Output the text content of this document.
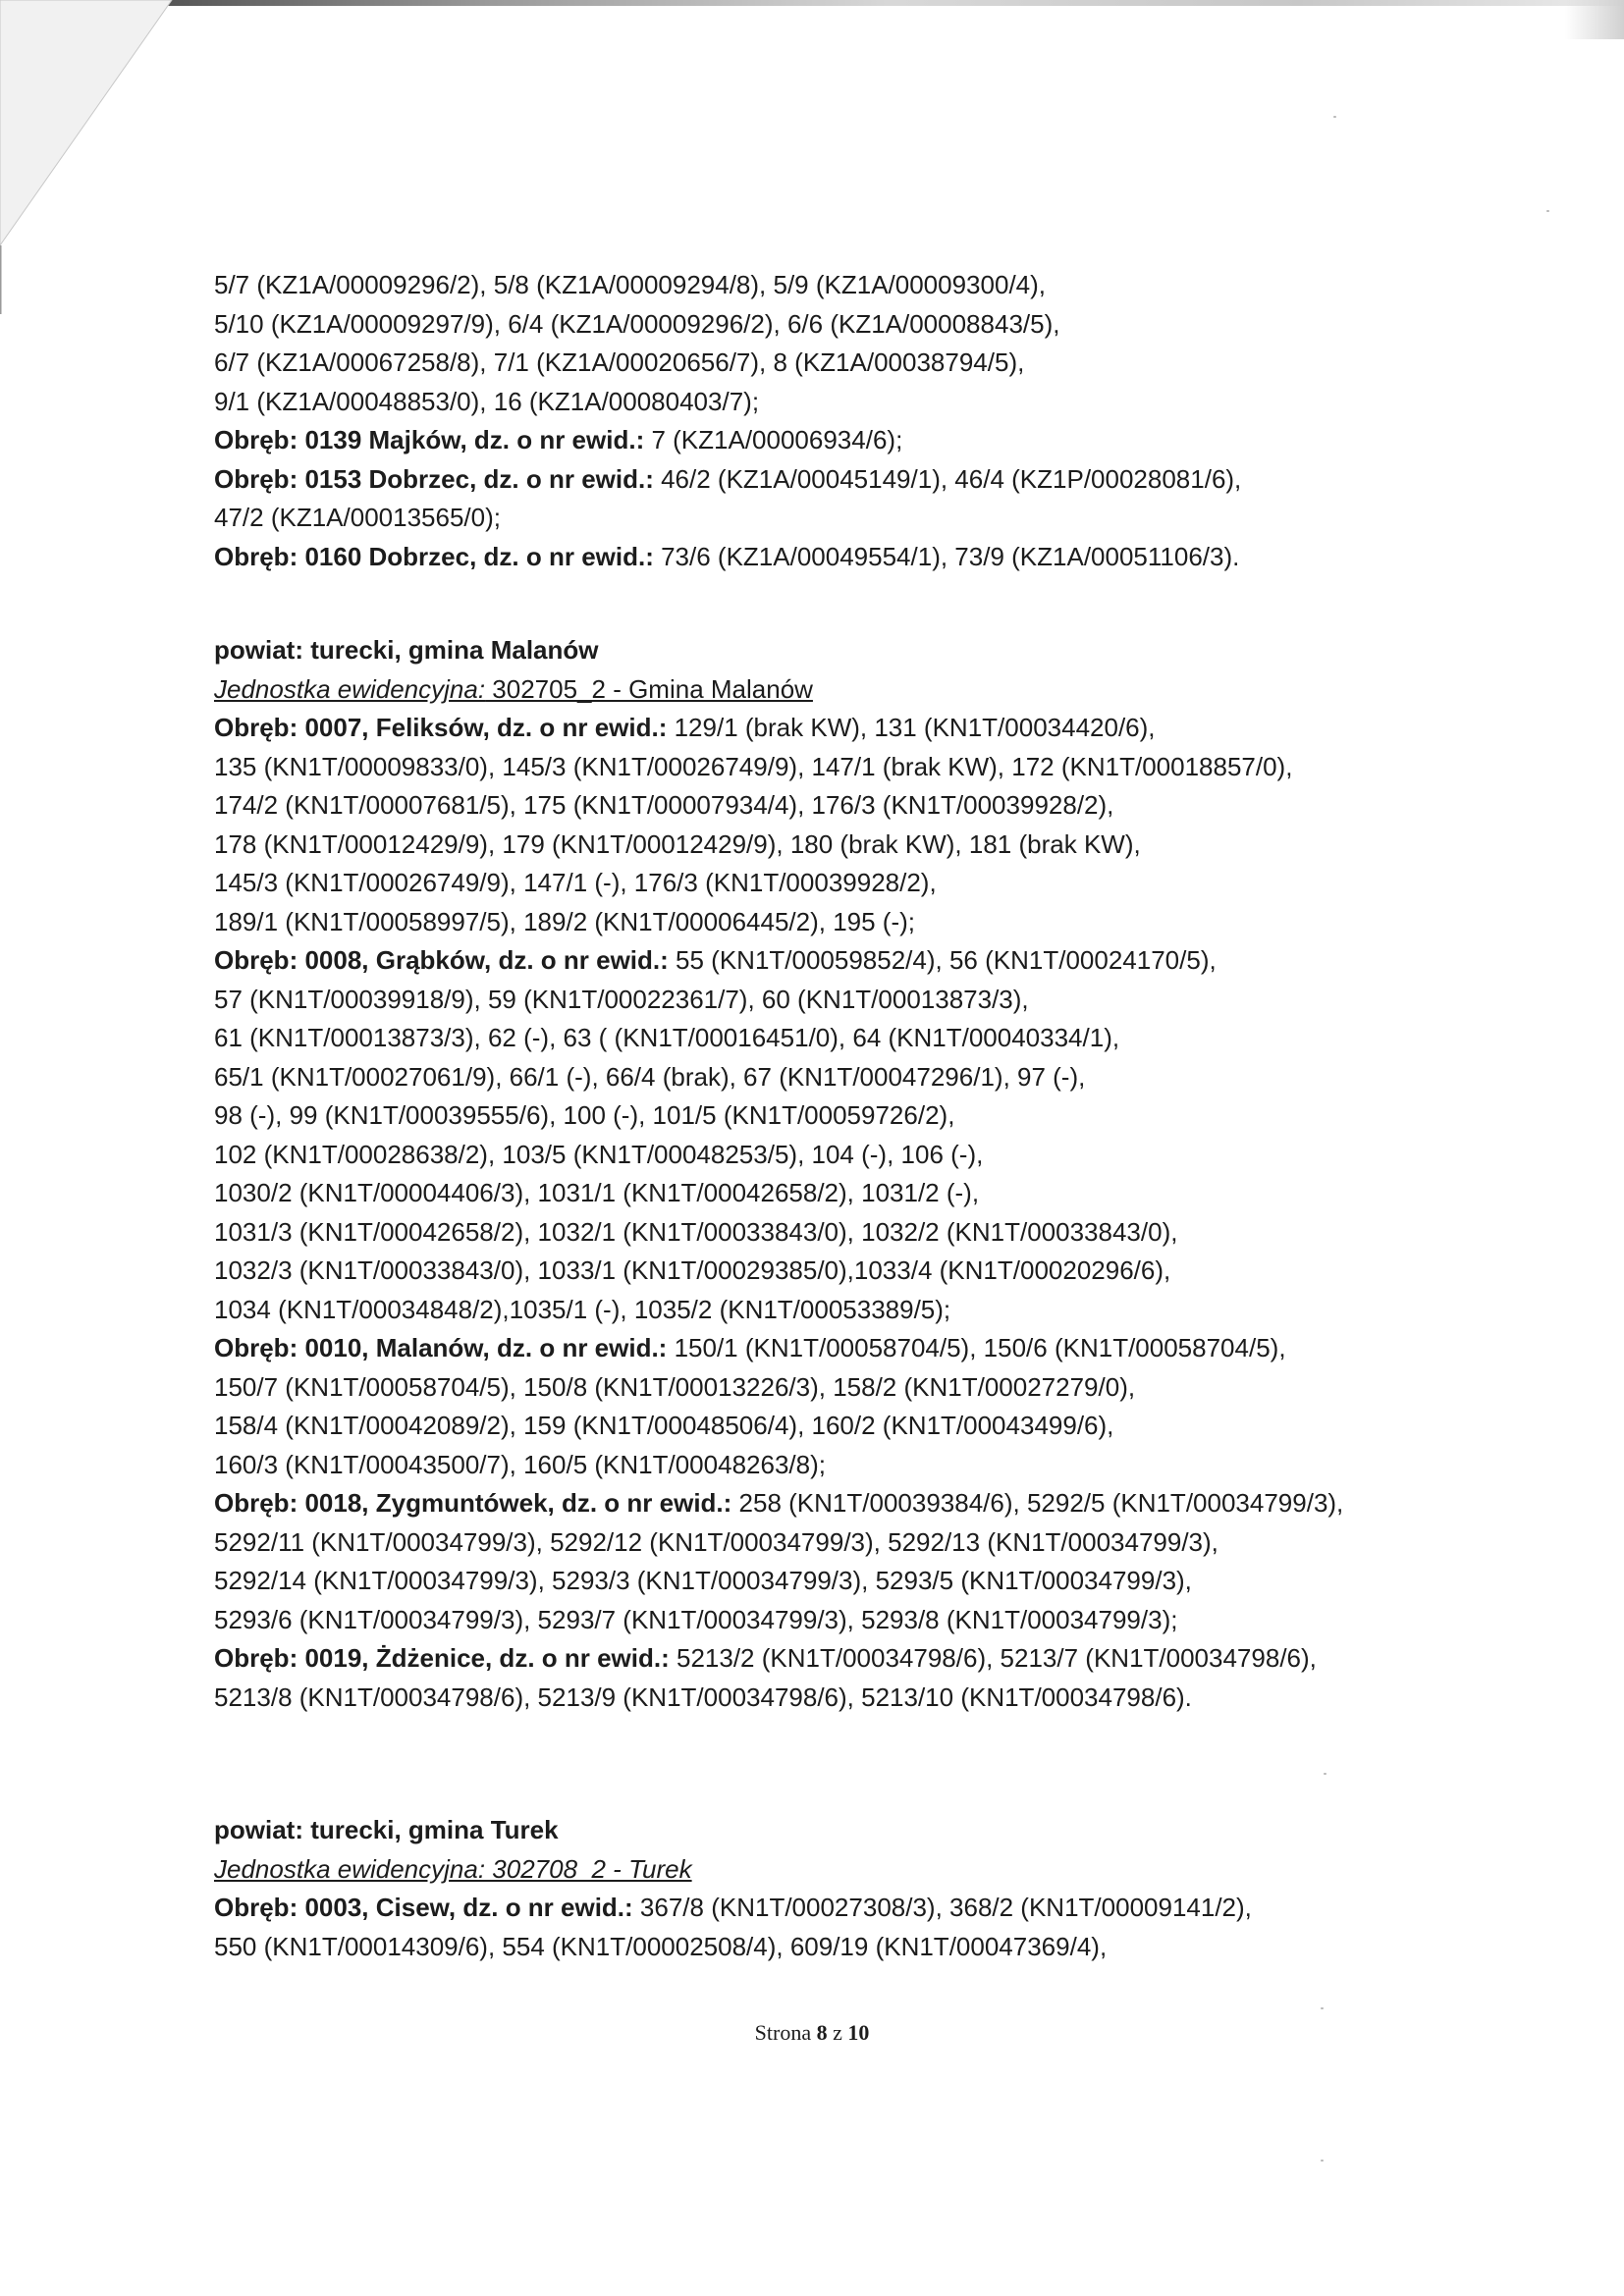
5/7 (KZ1A/00009296/2), 5/8 (KZ1A/00009294/8), 5/9 (KZ1A/00009300/4),
5/10 (KZ1A/00009297/9), 6/4 (KZ1A/00009296/2), 6/6 (KZ1A/00008843/5),
6/7 (KZ1A/00067258/8), 7/1 (KZ1A/00020656/7), 8 (KZ1A/00038794/5),
9/1 (KZ1A/00048853/0), 16 (KZ1A/00080403/7);
Obręb: 0139 Majków, dz. o nr ewid.: 7 (KZ1A/00006934/6);
Obręb: 0153 Dobrzec, dz. o nr ewid.: 46/2 (KZ1A/00045149/1), 46/4 (KZ1P/00028081/6),
47/2 (KZ1A/00013565/0);
Obręb: 0160 Dobrzec, dz. o nr ewid.: 73/6 (KZ1A/00049554/1), 73/9 (KZ1A/00051106/3).
powiat: turecki, gmina Malanów
Jednostka ewidencyjna: 302705_2 - Gmina Malanów
Obręb: 0007, Feliksów, dz. o nr ewid.: 129/1 (brak KW), 131 (KN1T/00034420/6),
135 (KN1T/00009833/0), 145/3 (KN1T/00026749/9), 147/1 (brak KW), 172 (KN1T/00018857/0),
174/2 (KN1T/00007681/5), 175 (KN1T/00007934/4), 176/3 (KN1T/00039928/2),
178 (KN1T/00012429/9), 179 (KN1T/00012429/9), 180 (brak KW), 181 (brak KW),
145/3 (KN1T/00026749/9), 147/1 (-), 176/3 (KN1T/00039928/2),
189/1 (KN1T/00058997/5), 189/2 (KN1T/00006445/2), 195 (-);
Obręb: 0008, Grąbków, dz. o nr ewid.: 55 (KN1T/00059852/4), 56 (KN1T/00024170/5),
57 (KN1T/00039918/9), 59 (KN1T/00022361/7), 60 (KN1T/00013873/3),
61 (KN1T/00013873/3), 62 (-), 63 ( (KN1T/00016451/0), 64 (KN1T/00040334/1),
65/1 (KN1T/00027061/9), 66/1 (-), 66/4 (brak), 67 (KN1T/00047296/1), 97 (-),
98 (-), 99 (KN1T/00039555/6), 100 (-), 101/5 (KN1T/00059726/2),
102 (KN1T/00028638/2), 103/5 (KN1T/00048253/5), 104 (-), 106 (-),
1030/2 (KN1T/00004406/3), 1031/1 (KN1T/00042658/2), 1031/2 (-),
1031/3 (KN1T/00042658/2), 1032/1 (KN1T/00033843/0), 1032/2 (KN1T/00033843/0),
1032/3 (KN1T/00033843/0), 1033/1 (KN1T/00029385/0),1033/4 (KN1T/00020296/6),
1034 (KN1T/00034848/2),1035/1 (-), 1035/2 (KN1T/00053389/5);
Obręb: 0010, Malanów, dz. o nr ewid.: 150/1 (KN1T/00058704/5), 150/6 (KN1T/00058704/5),
150/7 (KN1T/00058704/5), 150/8 (KN1T/00013226/3), 158/2 (KN1T/00027279/0),
158/4 (KN1T/00042089/2), 159 (KN1T/00048506/4), 160/2 (KN1T/00043499/6),
160/3 (KN1T/00043500/7), 160/5 (KN1T/00048263/8);
Obręb: 0018, Zygmuntówek, dz. o nr ewid.: 258 (KN1T/00039384/6), 5292/5 (KN1T/00034799/3),
5292/11 (KN1T/00034799/3), 5292/12 (KN1T/00034799/3), 5292/13 (KN1T/00034799/3),
5292/14 (KN1T/00034799/3), 5293/3 (KN1T/00034799/3), 5293/5 (KN1T/00034799/3),
5293/6 (KN1T/00034799/3), 5293/7 (KN1T/00034799/3), 5293/8 (KN1T/00034799/3);
Obręb: 0019, Żdżenice, dz. o nr ewid.: 5213/2 (KN1T/00034798/6), 5213/7 (KN1T/00034798/6),
5213/8 (KN1T/00034798/6), 5213/9 (KN1T/00034798/6), 5213/10 (KN1T/00034798/6).
powiat: turecki, gmina Turek
Jednostka ewidencyjna: 302708_2 - Turek
Obręb: 0003, Cisew, dz. o nr ewid.: 367/8 (KN1T/00027308/3), 368/2 (KN1T/00009141/2),
550 (KN1T/00014309/6), 554 (KN1T/00002508/4), 609/19 (KN1T/00047369/4),
Strona 8 z 10
